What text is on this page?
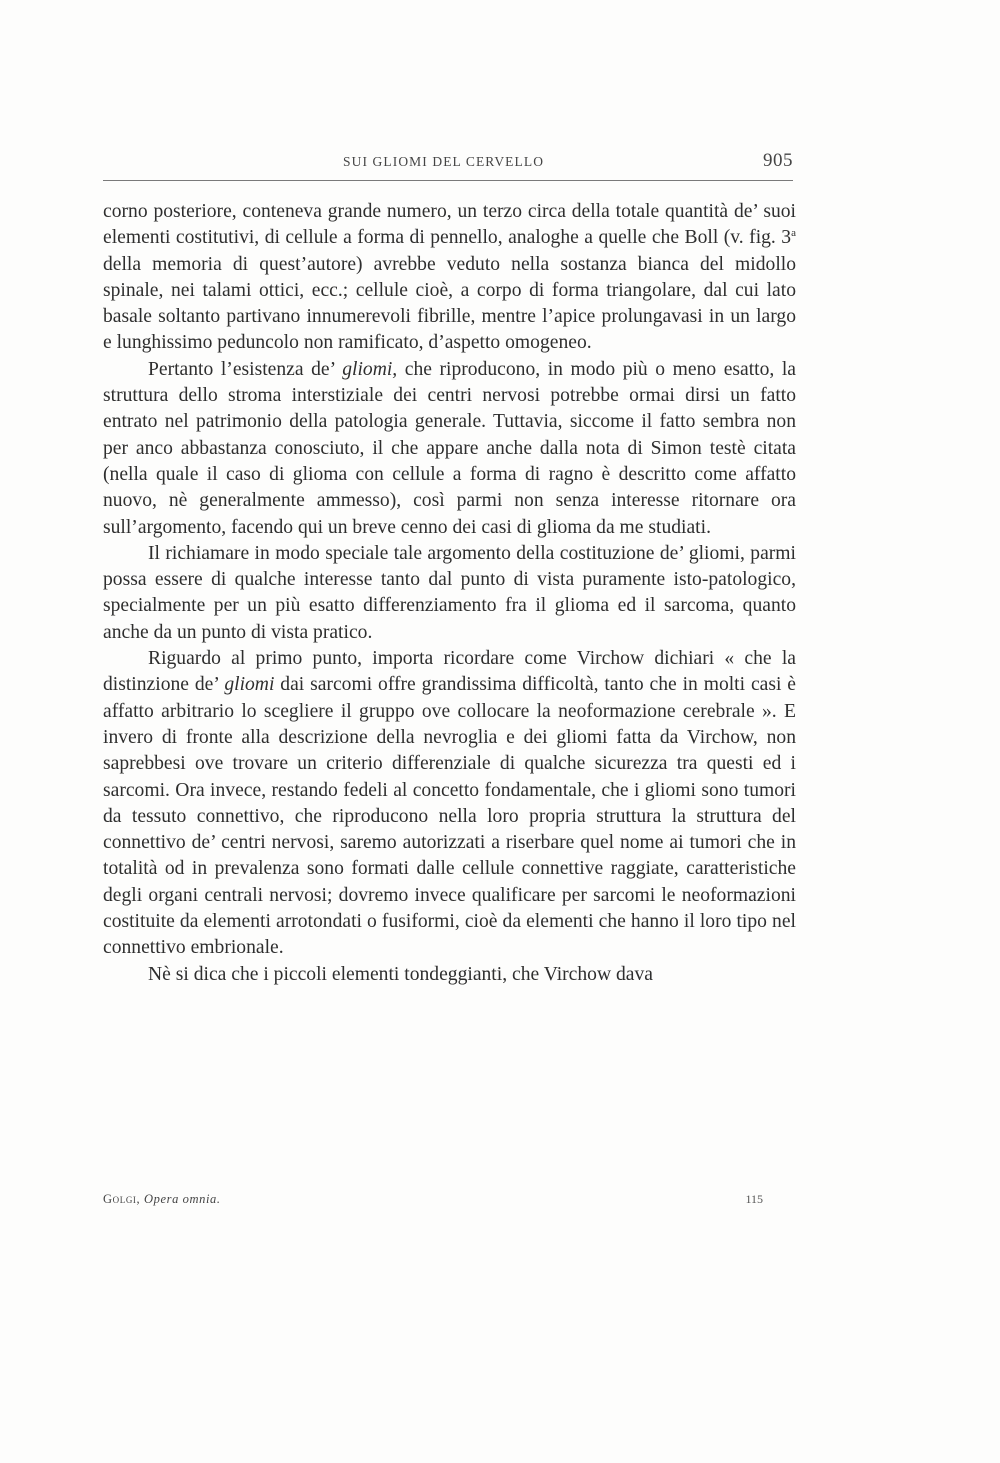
SUI GLIOMI DEL CERVELLO	905

corno posteriore, conteneva grande numero, un terzo circa della totale quantità de’ suoi elementi costitutivi, di cellule a forma di pennello, analoghe a quelle che Boll (v. fig. 3$^a$ della memoria di quest’autore) avrebbe veduto nella sostanza bianca del midollo spinale, nei talami ottici, ecc.; cellule cioè, a corpo di forma triangolare, dal cui lato basale soltanto partivano innumerevoli fibrille, mentre l’apice prolungavasi in un largo e lunghissimo peduncolo non ramificato, d’aspetto omogeneo.

Pertanto l’esistenza de’ gliomi, che riproducono, in modo più o meno esatto, la struttura dello stroma interstiziale dei centri nervosi potrebbe ormai dirsi un fatto entrato nel patrimonio della patologia generale. Tuttavia, siccome il fatto sembra non per anco abbastanza conosciuto, il che appare anche dalla nota di Simon testè citata (nella quale il caso di glioma con cellule a forma di ragno è descritto come affatto nuovo, nè generalmente ammesso), così parmi non senza interesse ritornare ora sull’argomento, facendo qui un breve cenno dei casi di glioma da me studiati.

Il richiamare in modo speciale tale argomento della costituzione de’ gliomi, parmi possa essere di qualche interesse tanto dal punto di vista puramente isto-patologico, specialmente per un più esatto differenziamento fra il glioma ed il sarcoma, quanto anche da un punto di vista pratico.

Riguardo al primo punto, importa ricordare come Virchow dichiari « che la distinzione de’ gliomi dai sarcomi offre grandissima difficoltà, tanto che in molti casi è affatto arbitrario lo scegliere il gruppo ove collocare la neoformazione cerebrale ». E invero di fronte alla descrizione della nevroglia e dei gliomi fatta da Virchow, non saprebbesi ove trovare un criterio differenziale di qualche sicurezza tra questi ed i sarcomi. Ora invece, restando fedeli al concetto fondamentale, che i gliomi sono tumori da tessuto connettivo, che riproducono nella loro propria struttura la struttura del connettivo de’ centri nervosi, saremo autorizzati a riserbare quel nome ai tumori che in totalità od in prevalenza sono formati dalle cellule connettive raggiate, caratteristiche degli organi centrali nervosi; dovremo invece qualificare per sarcomi le neoformazioni costituite da elementi arrotondati o fusiformi, cioè da elementi che hanno il loro tipo nel connettivo embrionale.

Nè si dica che i piccoli elementi tondeggianti, che Virchow dava

Golgi, Opera omnia.	115
